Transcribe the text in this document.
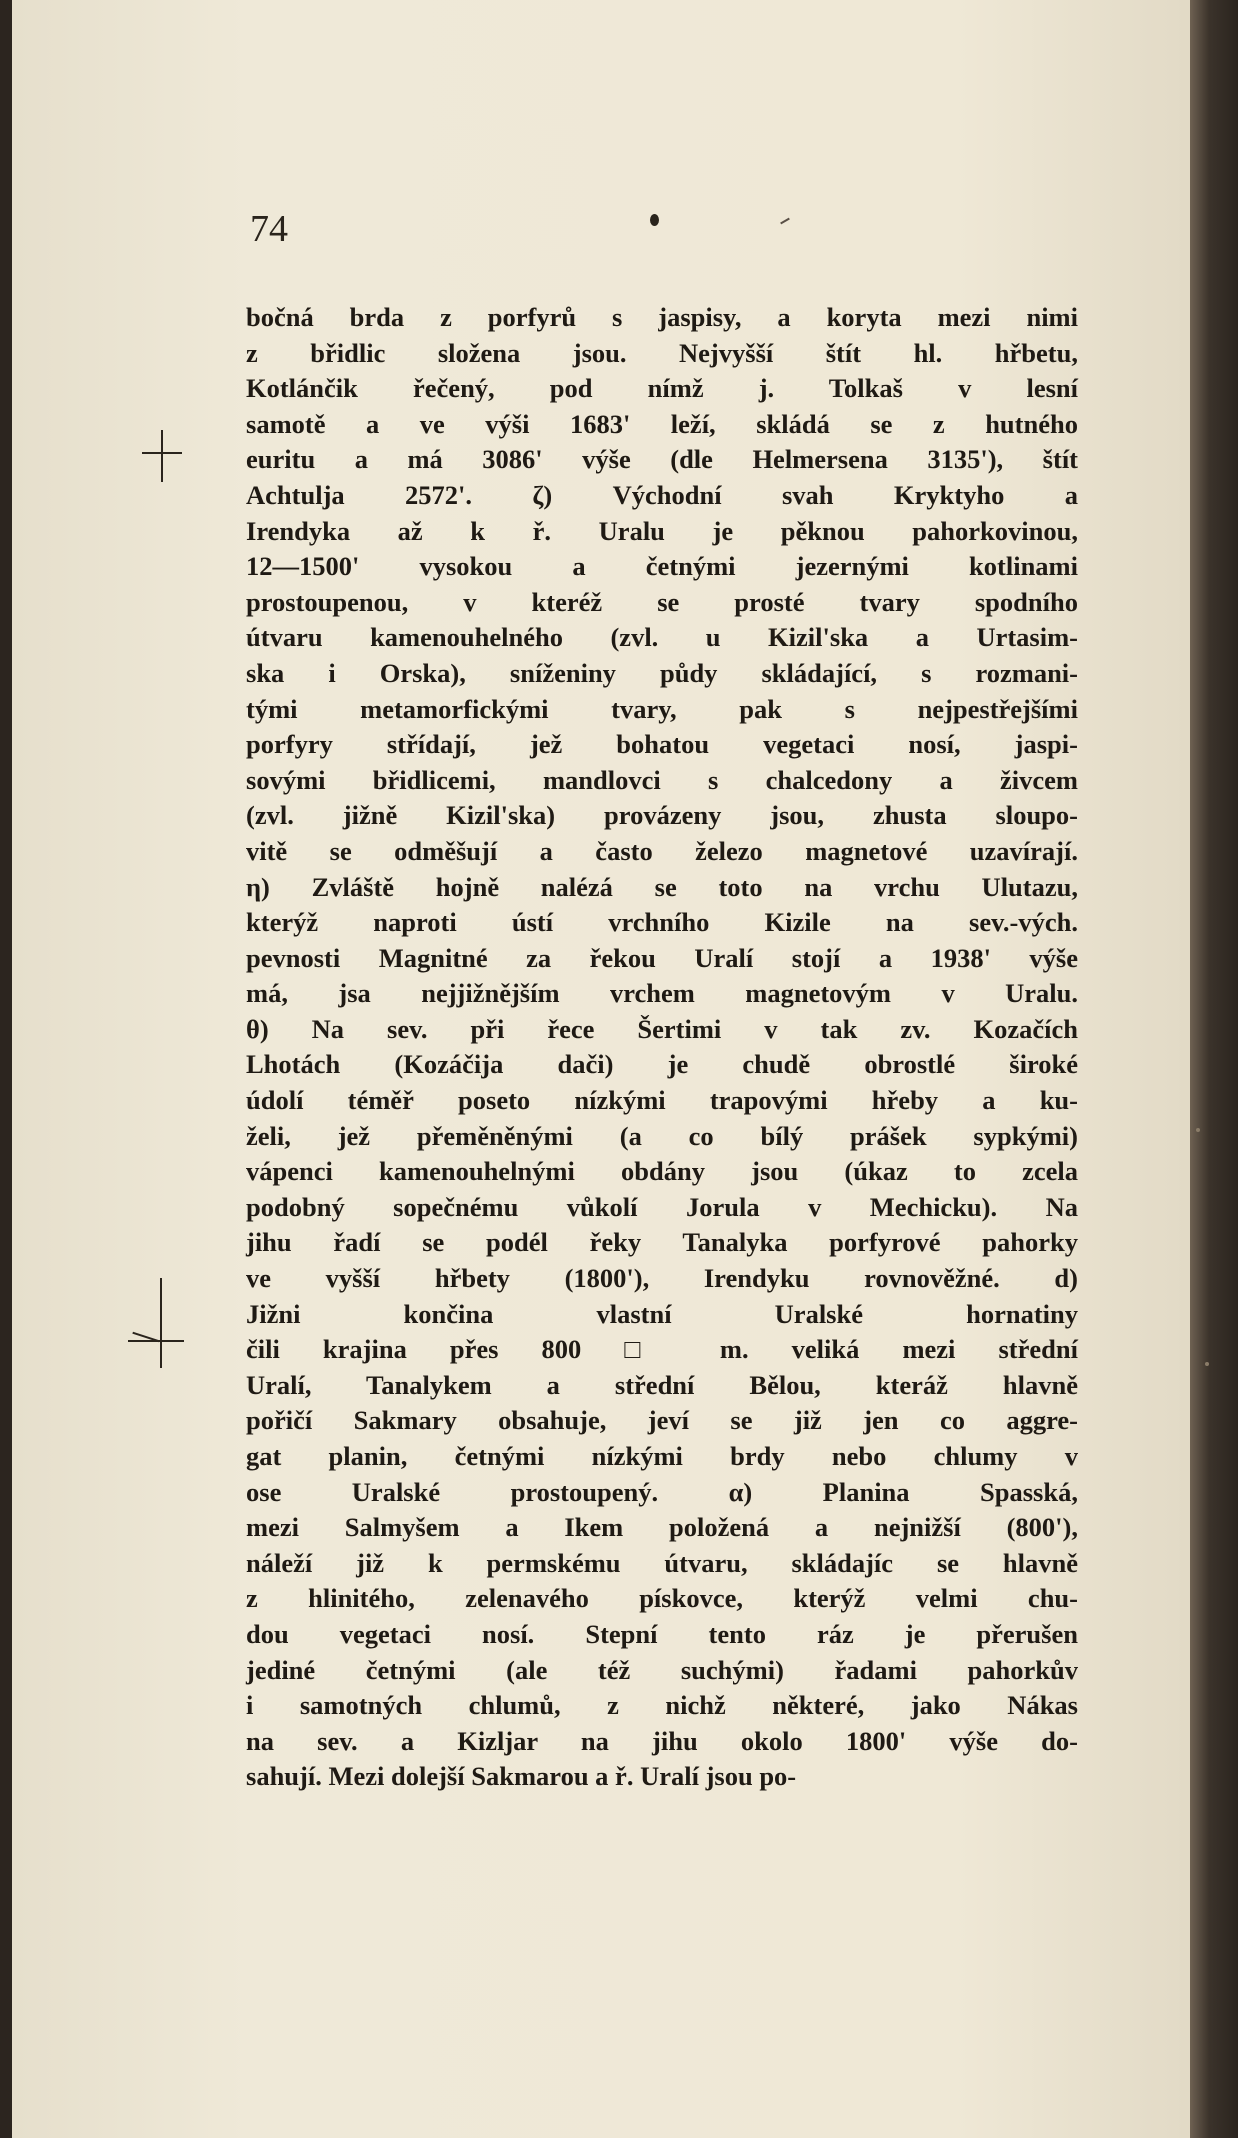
74
bočná brda z porfyrů s jaspisy, a koryta mezi nimi
z břidlic složena jsou. Nejvyšší štít hl. hřbetu,
Kotlánčik řečený, pod nímž j. Tolkaš v lesní
samotě a ve výši 1683' leží, skládá se z hutného
euritu a má 3086' výše (dle Helmersena 3135'), štít
Achtulja 2572'. ζ) Východní svah Kryktyho a
Irendyka až k ř. Uralu je pěknou pahorkovinou,
12—1500' vysokou a četnými jezernými kotlinami
prostoupenou, v kteréž se prosté tvary spodního
útvaru kamenouhelného (zvl. u Kizil'ska a Urtasim-
ska i Orska), sníženiny půdy skládající, s rozmani-
tými metamorfickými tvary, pak s nejpestřejšími
porfyry střídají, jež bohatou vegetaci nosí, jaspi-
sovými břidlicemi, mandlovci s chalcedony a živcem
(zvl. jižně Kizil'ska) provázeny jsou, zhusta sloupo-
vitě se odměšují a často železo magnetové uzavírají.
η) Zvláště hojně nalézá se toto na vrchu Ulutazu,
kterýž naproti ústí vrchního Kizile na sev.-vých.
pevnosti Magnitné za řekou Uralí stojí a 1938' výše
má, jsa nejjižnějším vrchem magnetovým v Uralu.
θ) Na sev. při řece Šertimi v tak zv. Kozačích
Lhotách (Kozáčija dači) je chudě obrostlé široké
údolí téměř poseto nízkými trapovými hřeby a ku-
želi, jež přeměněnými (a co bílý prášek sypkými)
vápenci kamenouhelnými obdány jsou (úkaz to zcela
podobný sopečnému vůkolí Jorula v Mechicku). Na
jihu řadí se podél řeky Tanalyka porfyrové pahorky
ve vyšší hřbety (1800'), Irendyku rovnověžné. d)
Jižni končina vlastní Uralské hornatiny
čili krajina přes 800 □ m. veliká mezi střední
Uralí, Tanalykem a střední Bělou, kteráž hlavně
pořičí Sakmary obsahuje, jeví se již jen co aggre-
gat planin, četnými nízkými brdy nebo chlumy v
ose Uralské prostoupený. α) Planina Spasská,
mezi Salmyšem a Ikem položená a nejnižší (800'),
náleží již k permskému útvaru, skládajíc se hlavně
z hlinitého, zelenavého pískovce, kterýž velmi chu-
dou vegetaci nosí. Stepní tento ráz je přerušen
jediné četnými (ale též suchými) řadami pahorkův
i samotných chlumů, z nichž některé, jako Nákas
na sev. a Kizljar na jihu okolo 1800' výše do-
sahují. Mezi dolejší Sakmarou a ř. Uralí jsou po-
